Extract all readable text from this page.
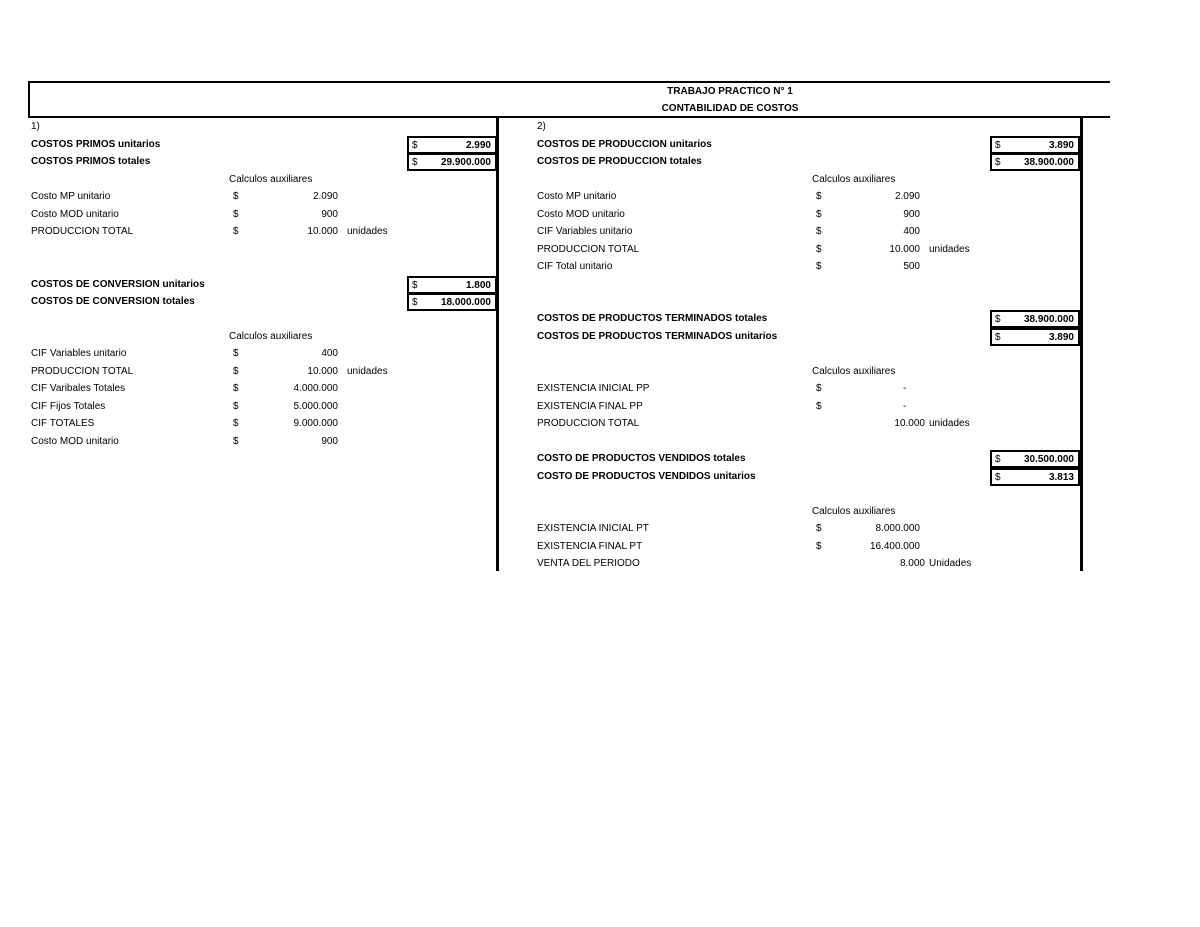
TRABAJO PRACTICO N° 1
CONTABILIDAD DE COSTOS
1)
COSTOS PRIMOS unitarios	$	2.990
COSTOS PRIMOS totales	$ 29.900.000
Calculos auxiliares
Costo MP unitario	$	2.090
Costo MOD unitario	$	900
PRODUCCION TOTAL	$	10.000 unidades
COSTOS DE CONVERSION unitarios	$	1.800
COSTOS DE CONVERSION totales	$ 18.000.000
Calculos auxiliares
CIF Variables unitario	$	400
PRODUCCION TOTAL	$	10.000 unidades
CIF Varibales Totales	$	4.000.000
CIF Fijos Totales	$	5.000.000
CIF TOTALES	$	9.000.000
Costo MOD unitario	$	900
2)
COSTOS DE PRODUCCION unitarios	$	3.890
COSTOS DE PRODUCCION totales	$ 38.900.000
Calculos auxiliares
Costo MP unitario	$	2.090
Costo MOD unitario	$	900
CIF Variables unitario	$	400
PRODUCCION TOTAL	$	10.000 unidades
CIF Total unitario	$	500
COSTOS DE PRODUCTOS TERMINADOS totales	$ 38.900.000
COSTOS DE PRODUCTOS TERMINADOS unitarios	$	3.890
Calculos auxiliares
EXISTENCIA INICIAL PP	$	-
EXISTENCIA FINAL PP	$	-
PRODUCCION TOTAL	10.000 unidades
COSTO DE PRODUCTOS VENDIDOS totales	$ 30.500.000
COSTO DE PRODUCTOS VENDIDOS unitarios	$	3.813
Calculos auxiliares
EXISTENCIA INICIAL PT	$	8.000.000
EXISTENCIA FINAL PT	$	16.400.000
VENTA DEL PERIODO	8.000 Unidades
